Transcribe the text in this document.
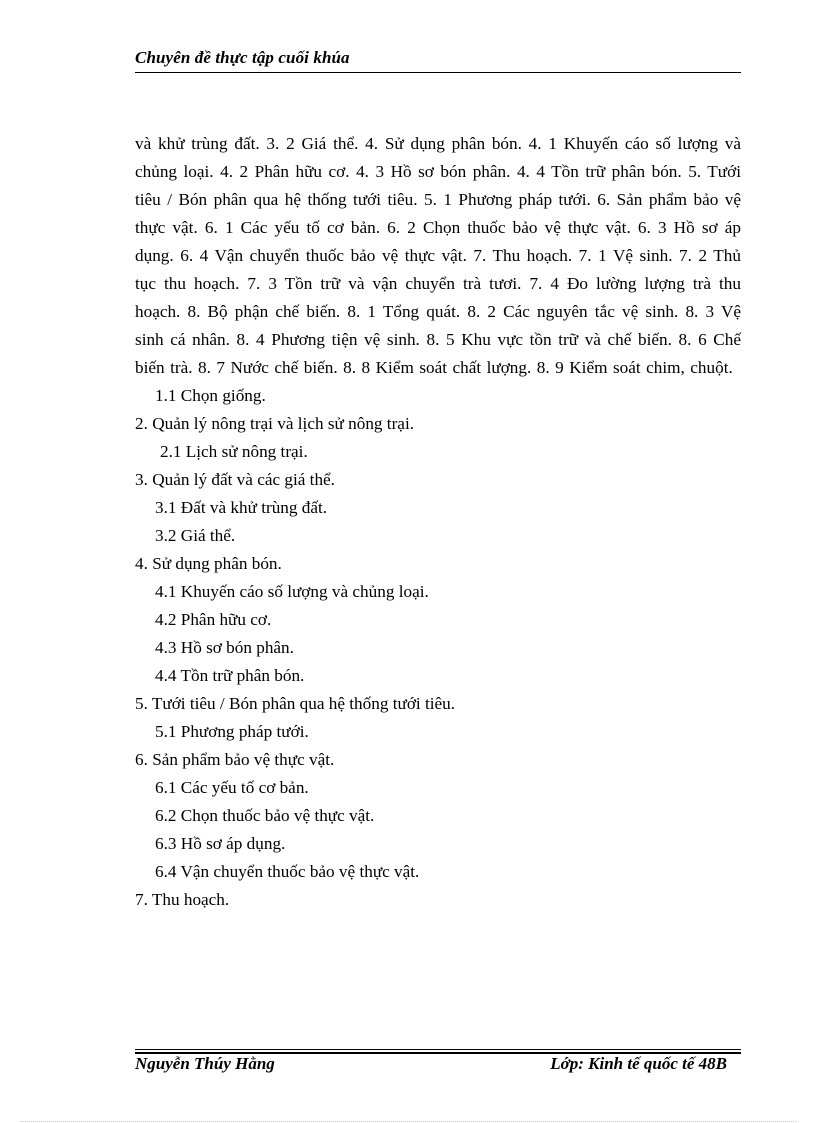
Chuyên đề thực tập cuối khúa

và khử trùng đất. 3. 2 Giá thể. 4. Sử dụng phân bón. 4. 1 Khuyến cáo số lượng và chủng loại. 4. 2 Phân hữu cơ. 4. 3 Hồ sơ bón phân. 4. 4 Tồn trữ phân bón. 5. Tưới tiêu / Bón phân qua hệ thống tưới tiêu. 5. 1 Phương pháp tưới. 6. Sản phẩm bảo vệ thực vật. 6. 1 Các yếu tố cơ bản. 6. 2 Chọn thuốc bảo vệ thực vật. 6. 3 Hồ sơ áp dụng. 6. 4 Vận chuyển thuốc bảo vệ thực vật. 7. Thu hoạch. 7. 1 Vệ sinh. 7. 2 Thủ tục thu hoạch. 7. 3 Tồn trữ và vận chuyển trà tươi. 7. 4 Đo lường lượng trà thu hoạch. 8. Bộ phận chế biến. 8. 1 Tổng quát. 8. 2 Các nguyên tắc vệ sinh. 8. 3 Vệ sinh cá nhân. 8. 4 Phương tiện vệ sinh. 8. 5 Khu vực tồn trữ và chế biến. 8. 6 Chế biến trà. 8. 7 Nước chế biến. 8. 8 Kiểm soát chất lượng. 8. 9 Kiểm soát chim, chuột.

1.1 Chọn giống.

2. Quản lý nông trại và lịch sử nông trại.

2.1 Lịch sử nông trại.

3. Quản lý đất và các giá thể.

3.1 Đất và khử trùng đất.

3.2 Giá thể.

4. Sử dụng phân bón.

4.1 Khuyến cáo số lượng và chủng loại.

4.2 Phân hữu cơ.

4.3 Hồ sơ bón phân.

4.4 Tồn trữ phân bón.

5. Tưới tiêu / Bón phân qua hệ thống tưới tiêu.

5.1 Phương pháp tưới.

6. Sản phẩm bảo vệ thực vật.

6.1 Các yếu tố cơ bản.

6.2 Chọn thuốc bảo vệ thực vật.

6.3 Hồ sơ áp dụng.

6.4 Vận chuyển thuốc bảo vệ thực vật.

7. Thu hoạch.

Nguyễn Thúy Hằng	Lớp: Kinh tế quốc tế 48B
